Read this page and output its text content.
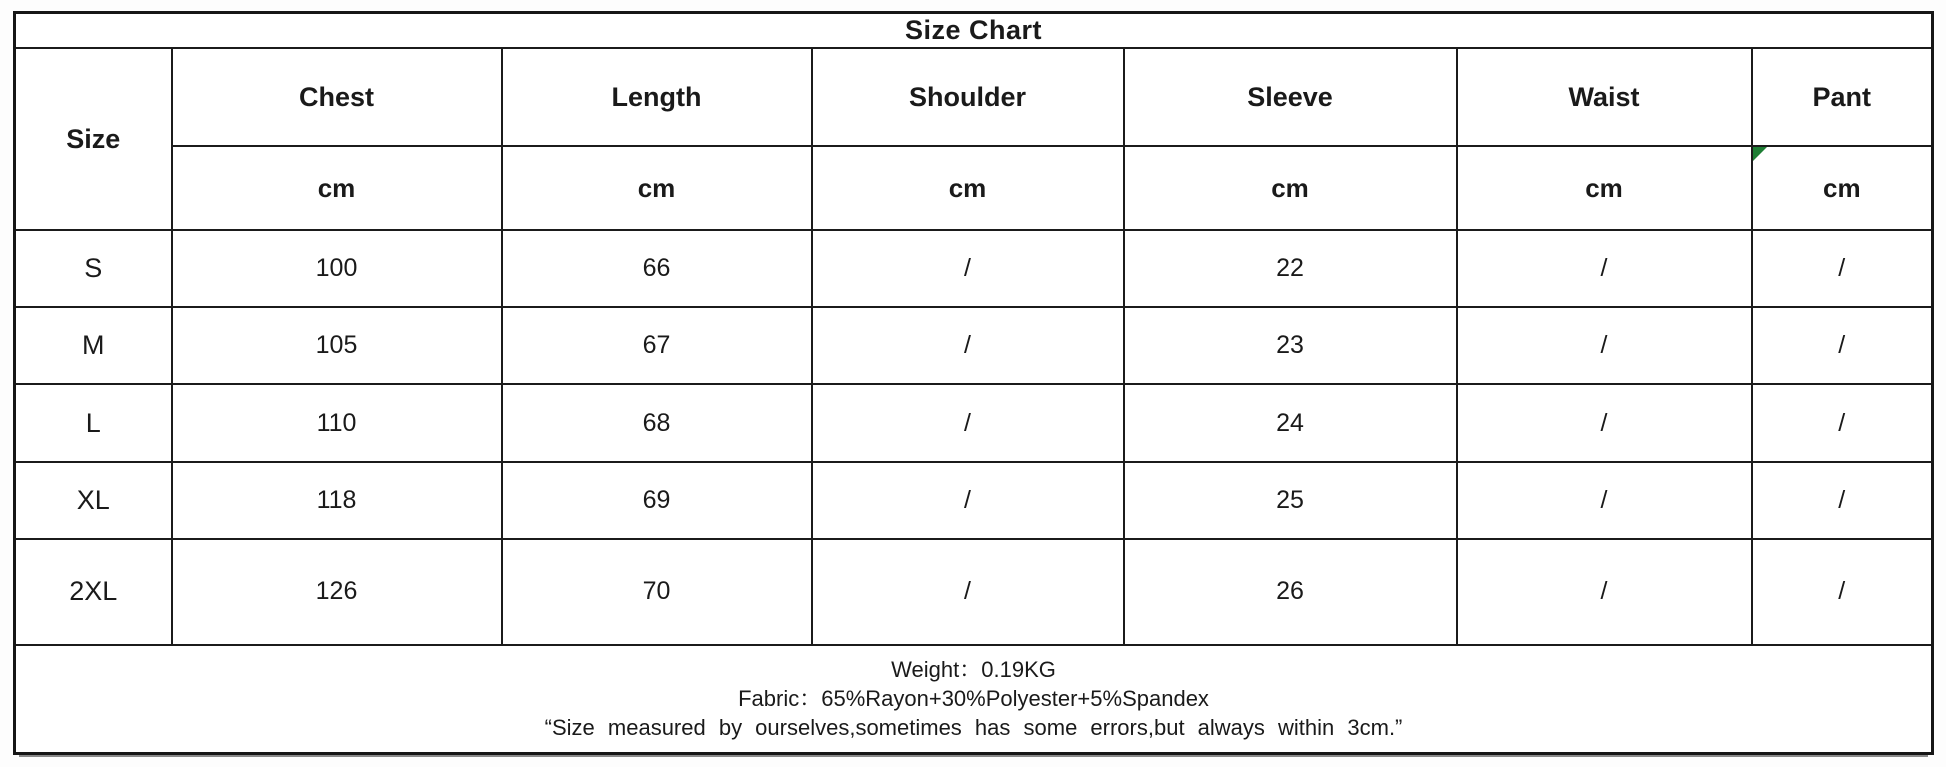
Size Chart						
Size	Chest	Length	Shoulder	Sleeve	Waist	Pant
	cm	cm	cm	cm	cm	cm
S	100	66	/	22	/	/
M	105	67	/	23	/	/
L	110	68	/	24	/	/
XL	118	69	/	25	/	/
2XL	126	70	/	26	/	/

Weight：0.19KG
Fabric：65%Rayon+30%Polyester+5%Spandex
“Size measured by ourselves,sometimes has some errors,but always within 3cm.”						
